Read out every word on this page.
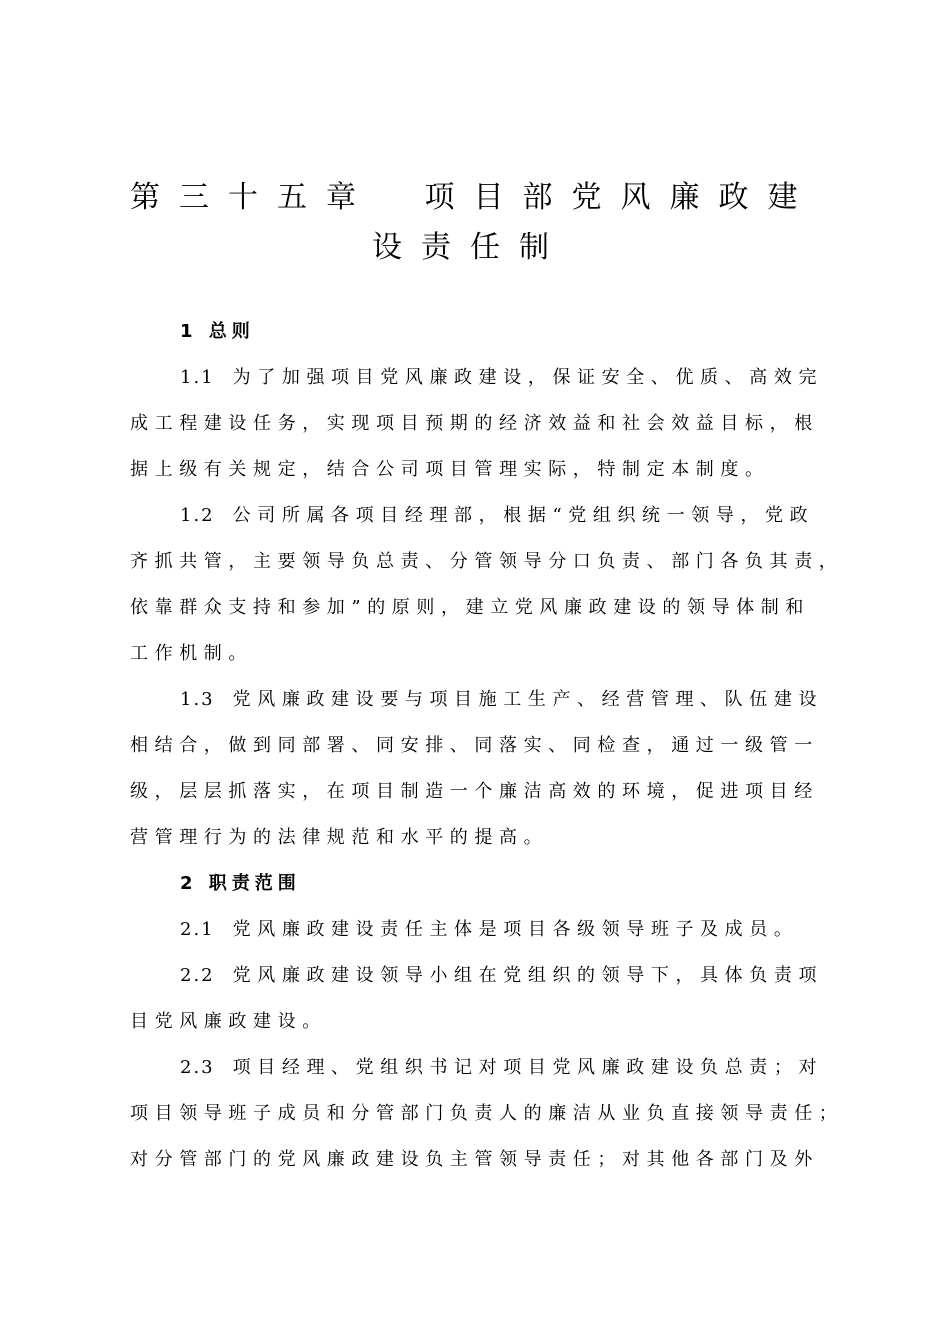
第三十五章 项目部党风廉政建
设责任制
1 总则
1.1 为了加强项目党风廉政建设，保证安全、优质、高效完
成工程建设任务，实现项目预期的经济效益和社会效益目标，根
据上级有关规定，结合公司项目管理实际，特制定本制度。
1.2 公司所属各项目经理部，根据“党组织统一领导，党政
齐抓共管，主要领导负总责、分管领导分口负责、部门各负其责，
依靠群众支持和参加”的原则，建立党风廉政建设的领导体制和
工作机制。
1.3 党风廉政建设要与项目施工生产、经营管理、队伍建设
相结合，做到同部署、同安排、同落实、同检查，通过一级管一
级，层层抓落实，在项目制造一个廉洁高效的环境，促进项目经
营管理行为的法律规范和水平的提高。
2 职责范围
2.1 党风廉政建设责任主体是项目各级领导班子及成员。
2.2 党风廉政建设领导小组在党组织的领导下，具体负责项
目党风廉政建设。
2.3 项目经理、党组织书记对项目党风廉政建设负总责；对
项目领导班子成员和分管部门负责人的廉洁从业负直接领导责任；
对分管部门的党风廉政建设负主管领导责任；对其他各部门及外
